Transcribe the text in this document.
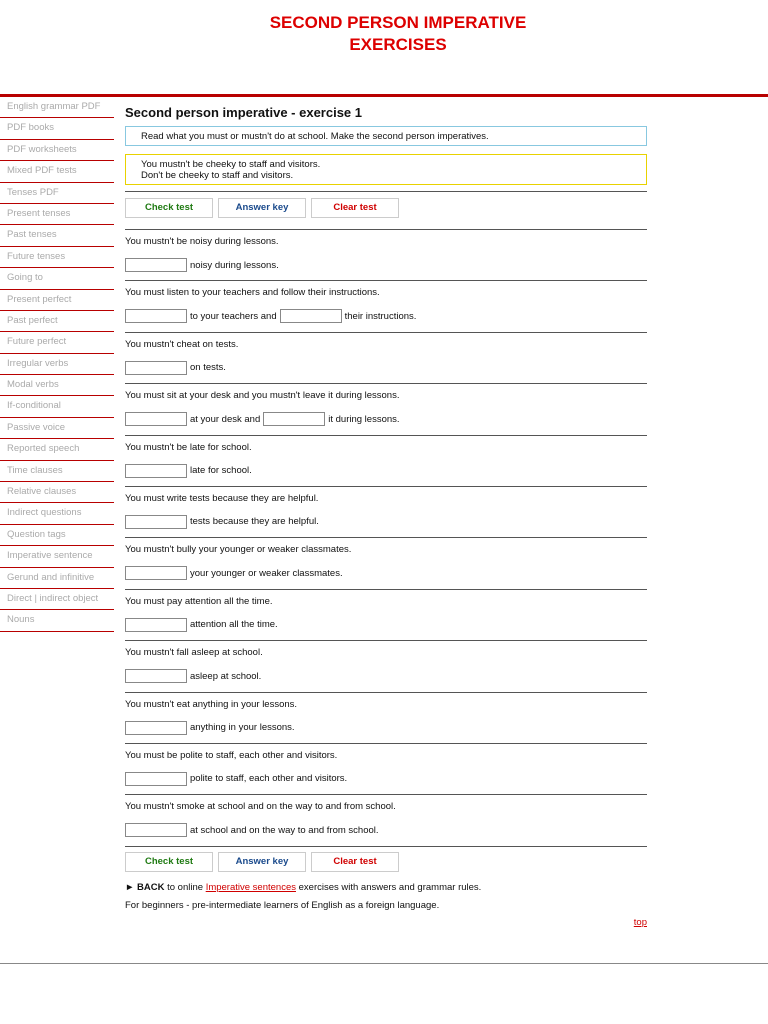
SECOND PERSON IMPERATIVE
EXERCISES
English grammar PDF
PDF books
PDF worksheets
Mixed PDF tests
Tenses PDF
Present tenses
Past tenses
Future tenses
Going to
Present perfect
Past perfect
Future perfect
Irregular verbs
Modal verbs
If-conditional
Passive voice
Reported speech
Time clauses
Relative clauses
Indirect questions
Question tags
Imperative sentence
Gerund and infinitive
Direct | indirect object
Nouns
Second person imperative - exercise 1
Read what you must or mustn't do at school. Make the second person imperatives.
You mustn't be cheeky to staff and visitors.
Don't be cheeky to staff and visitors.
Check test	Answer key	Clear test
You mustn't be noisy during lessons.
noisy during lessons.
You must listen to your teachers and follow their instructions.
to your teachers and	their instructions.
You mustn't cheat on tests.
on tests.
You must sit at your desk and you mustn't leave it during lessons.
at your desk and	it during lessons.
You mustn't be late for school.
late for school.
You must write tests because they are helpful.
tests because they are helpful.
You mustn't bully your younger or weaker classmates.
your younger or weaker classmates.
You must pay attention all the time.
attention all the time.
You mustn't fall asleep at school.
asleep at school.
You mustn't eat anything in your lessons.
anything in your lessons.
You must be polite to staff, each other and visitors.
polite to staff, each other and visitors.
You mustn't smoke at school and on the way to and from school.
at school and on the way to and from school.
Check test	Answer key	Clear test
► BACK to online Imperative sentences exercises with answers and grammar rules.
For beginners - pre-intermediate learners of English as a foreign language.
top
